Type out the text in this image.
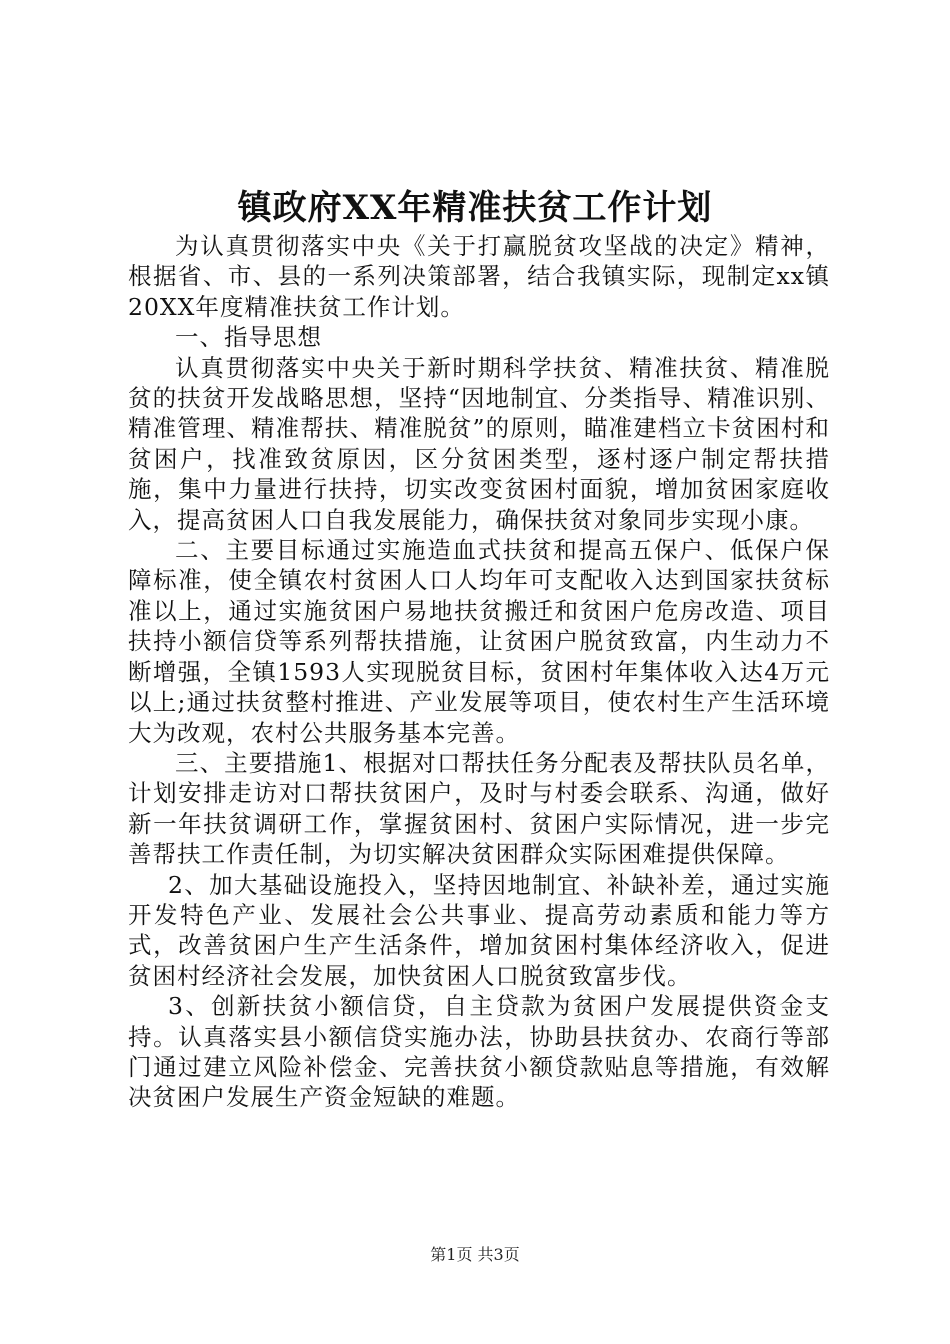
镇政府XX年精准扶贫工作计划

为认真贯彻落实中央《关于打赢脱贫攻坚战的决定》精神，根据省、市、县的一系列决策部署，结合我镇实际，现制定xx镇20XX年度精准扶贫工作计划。

一、指导思想

认真贯彻落实中央关于新时期科学扶贫、精准扶贫、精准脱贫的扶贫开发战略思想，坚持“因地制宜、分类指导、精准识别、精准管理、精准帮扶、精准脱贫”的原则，瞄准建档立卡贫困村和贫困户，找准致贫原因，区分贫困类型，逐村逐户制定帮扶措施，集中力量进行扶持，切实改变贫困村面貌，增加贫困家庭收入，提高贫困人口自我发展能力，确保扶贫对象同步实现小康。

二、主要目标通过实施造血式扶贫和提高五保户、低保户保障标准，使全镇农村贫困人口人均年可支配收入达到国家扶贫标准以上，通过实施贫困户易地扶贫搬迁和贫困户危房改造、项目扶持小额信贷等系列帮扶措施，让贫困户脱贫致富，内生动力不断增强，全镇1593人实现脱贫目标，贫困村年集体收入达4万元以上;通过扶贫整村推进、产业发展等项目，使农村生产生活环境大为改观，农村公共服务基本完善。

三、主要措施1、根据对口帮扶任务分配表及帮扶队员名单，计划安排走访对口帮扶贫困户，及时与村委会联系、沟通，做好新一年扶贫调研工作，掌握贫困村、贫困户实际情况，进一步完善帮扶工作责任制，为切实解决贫困群众实际困难提供保障。

2、加大基础设施投入，坚持因地制宜、补缺补差，通过实施开发特色产业、发展社会公共事业、提高劳动素质和能力等方式，改善贫困户生产生活条件，增加贫困村集体经济收入，促进贫困村经济社会发展，加快贫困人口脱贫致富步伐。

3、创新扶贫小额信贷，自主贷款为贫困户发展提供资金支持。认真落实县小额信贷实施办法，协助县扶贫办、农商行等部门通过建立风险补偿金、完善扶贫小额贷款贴息等措施，有效解决贫困户发展生产资金短缺的难题。

第1页 共3页
